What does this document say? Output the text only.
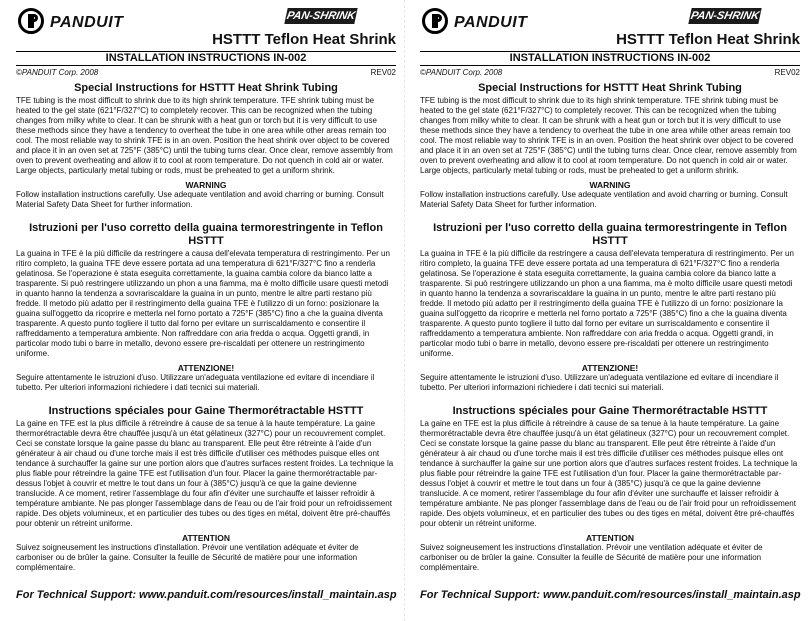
PANDUIT	PAN-SHRINK
HSTTT Teflon Heat Shrink
INSTALLATION INSTRUCTIONS IN-002
©PANDUIT Corp. 2008	REV02
Special Instructions for HSTTT Heat Shrink Tubing

TFE tubing is the most difficult to shrink due to its high shrink temperature. TFE shrink tubing must be heated to the gel state (621°F/327°C) to completely recover. This can be recognized when the tubing changes from milky white to clear. It can be shrunk with a heat gun or torch but it is very difficult to use these methods since they have a tendency to overheat the tube in one area while other areas remain too cool. The most reliable way to shrink TFE is in an oven. Position the heat shrink over object to be covered and place it in an oven set at 725°F (385°C) until the tubing turns clear. Once clear, remove assembly from oven to prevent overheating and allow it to cool at room temperature. Do not quench in cold air or water. Large objects, particularly metal tubing or rods, must be preheated to get a uniform shrink.

WARNING

Follow installation instructions carefully. Use adequate ventilation and avoid charring or burning. Consult Material Safety Data Sheet for further information.

Istruzioni per l'uso corretto della guaina termorestringente in Teflon HSTTT

La guaina in TFE è la più difficile da restringere a causa dell'elevata temperatura di restringimento. Per un ritiro completo, la guaina TFE deve essere portata ad una temperatura di 621°F/327°C fino a renderla gelatinosa. Se l'operazione è stata eseguita correttamente, la guaina cambia colore da bianco latte a trasparente. Si può restringere utilizzando un phon a una fiamma, ma è molto difficile usare questi metodi in quanto hanno la tendenza a sovrariscaldare la guaina in un punto, mentre le altre parti restano più fredde. Il metodo più adatto per il restringimento della guaina TFE è l'utilizzo di un forno: posizionare la guaina sull'oggetto da ricoprire e metterla nel forno portato a 725°F (385°C) fino a che la guaina diventa trasparente. A questo punto togliere il tutto dal forno per evitare un surriscaldamento e consentire il raffreddamento a temperatura ambiente. Non raffreddare con aria fredda o acqua. Oggetti grandi, in particolar modo tubi o barre in metallo, devono essere pre-riscaldati per ottenere un restringimento uniforme.

ATTENZIONE!

Seguire attentamente le istruzioni d'uso. Utilizzare un'adeguata ventilazione ed evitare di incendiare il tubetto. Per ulteriori informazioni richiedere i dati tecnici sui materiali.

Instructions spéciales pour Gaine Thermorétractable HSTTT

La gaine en TFE est la plus difficile à rétreindre à cause de sa tenue à la haute température. La gaine thermorétractable devra être chauffée jusqu'à un état gélatineux (327°C) pour un recouvrement complet. Ceci se constate lorsque la gaine passe du blanc au transparent. Elle peut être rétreinte à l'aide d'un générateur à air chaud ou d'une torche mais il est très difficile d'utiliser ces méthodes puisque elles ont tendance à surchauffer la gaine sur une portion alors que d'autres surfaces restent froides. La technique la plus fiable pour rétreindre la gaine TFE est l'utilisation d'un four. Placer la gaine thermorétractable par-dessus l'objet à couvrir et mettre le tout dans un four à (385°C) jusqu'à ce que la gaine devienne translucide. A ce moment, retirer l'assemblage du four afin d'éviter une surchauffe et laisser refroidir à température ambiante. Ne pas plonger l'assemblage dans de l'eau ou de l'air froid pour un refroidissement rapide. Des objets volumineux, et en particulier des tubes ou des tiges en métal, doivent être pré-chauffés pour obtenir un rétreint uniforme.

ATTENTION

Suivez soigneusement les instructions d'installation. Prévoir une ventilation adéquate et éviter de carboniser ou de brûler la gaine. Consulter la feuille de Sécurité de matière pour une information complémentaire.

For Technical Support: www.panduit.com/resources/install_maintain.asp
PANDUIT	PAN-SHRINK
HSTTT Teflon Heat Shrink
INSTALLATION INSTRUCTIONS IN-002
©PANDUIT Corp. 2008	REV02
Special Instructions for HSTTT Heat Shrink Tubing

TFE tubing is the most difficult to shrink due to its high shrink temperature. TFE shrink tubing must be heated to the gel state (621°F/327°C) to completely recover. This can be recognized when the tubing changes from milky white to clear. It can be shrunk with a heat gun or torch but it is very difficult to use these methods since they have a tendency to overheat the tube in one area while other areas remain too cool. The most reliable way to shrink TFE is in an oven. Position the heat shrink over object to be covered and place it in an oven set at 725°F (385°C) until the tubing turns clear. Once clear, remove assembly from oven to prevent overheating and allow it to cool at room temperature. Do not quench in cold air or water. Large objects, particularly metal tubing or rods, must be preheated to get a uniform shrink.

WARNING

Follow installation instructions carefully. Use adequate ventilation and avoid charring or burning. Consult Material Safety Data Sheet for further information.

Istruzioni per l'uso corretto della guaina termorestringente in Teflon HSTTT

La guaina in TFE è la più difficile da restringere a causa dell'elevata temperatura di restringimento. Per un ritiro completo, la guaina TFE deve essere portata ad una temperatura di 621°F/327°C fino a renderla gelatinosa. Se l'operazione è stata eseguita correttamente, la guaina cambia colore da bianco latte a trasparente. Si può restringere utilizzando un phon a una fiamma, ma è molto difficile usare questi metodi in quanto hanno la tendenza a sovrariscaldare la guaina in un punto, mentre le altre parti restano più fredde. Il metodo più adatto per il restringimento della guaina TFE è l'utilizzo di un forno: posizionare la guaina sull'oggetto da ricoprire e metterla nel forno portato a 725°F (385°C) fino a che la guaina diventa trasparente. A questo punto togliere il tutto dal forno per evitare un surriscaldamento e consentire il raffreddamento a temperatura ambiente. Non raffreddare con aria fredda o acqua. Oggetti grandi, in particolar modo tubi o barre in metallo, devono essere pre-riscaldati per ottenere un restringimento uniforme.

ATTENZIONE!

Seguire attentamente le istruzioni d'uso. Utilizzare un'adeguata ventilazione ed evitare di incendiare il tubetto. Per ulteriori informazioni richiedere i dati tecnici sui materiali.

Instructions spéciales pour Gaine Thermorétractable HSTTT

La gaine en TFE est la plus difficile à rétreindre à cause de sa tenue à la haute température. La gaine thermorétractable devra être chauffée jusqu'à un état gélatineux (327°C) pour un recouvrement complet. Ceci se constate lorsque la gaine passe du blanc au transparent. Elle peut être rétreinte à l'aide d'un générateur à air chaud ou d'une torche mais il est très difficile d'utiliser ces méthodes puisque elles ont tendance à surchauffer la gaine sur une portion alors que d'autres surfaces restent froides. La technique la plus fiable pour rétreindre la gaine TFE est l'utilisation d'un four. Placer la gaine thermorétractable par-dessus l'objet à couvrir et mettre le tout dans un four à (385°C) jusqu'à ce que la gaine devienne translucide. A ce moment, retirer l'assemblage du four afin d'éviter une surchauffe et laisser refroidir à température ambiante. Ne pas plonger l'assemblage dans de l'eau ou de l'air froid pour un refroidissement rapide. Des objets volumineux, et en particulier des tubes ou des tiges en métal, doivent être pré-chauffés pour obtenir un rétreint uniforme.

ATTENTION

Suivez soigneusement les instructions d'installation. Prévoir une ventilation adéquate et éviter de carboniser ou de brûler la gaine. Consulter la feuille de Sécurité de matière pour une information complémentaire.

For Technical Support: www.panduit.com/resources/install_maintain.asp
